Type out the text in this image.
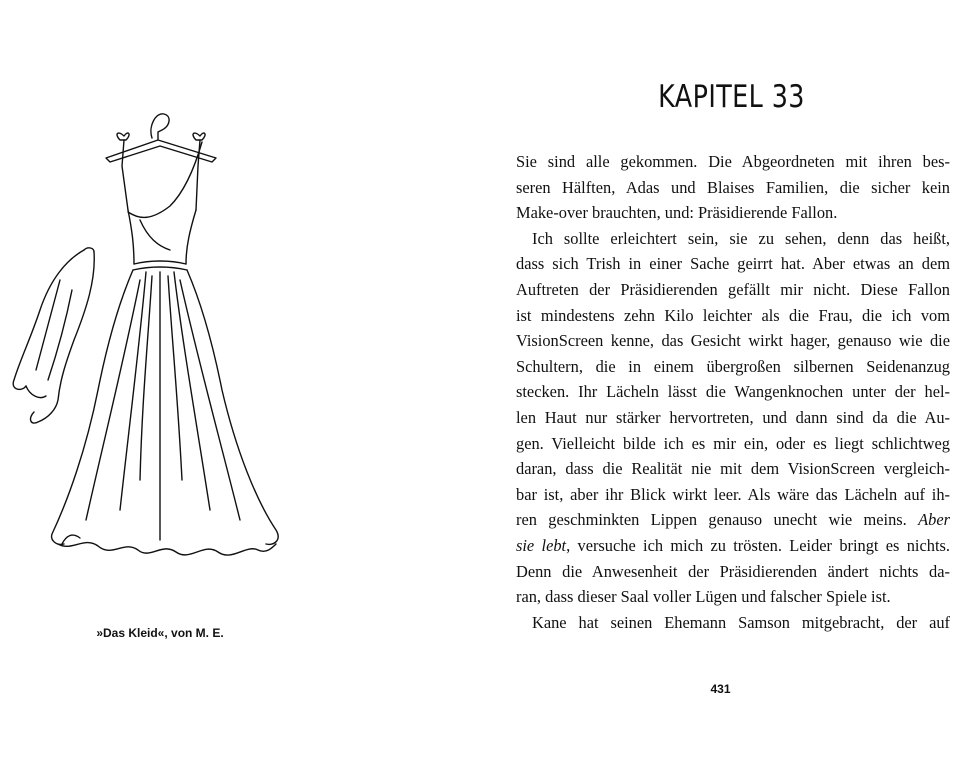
»Das Kleid«, von M. E.
KAPITEL 33

Sie sind alle gekommen. Die Abgeordneten mit ihren bes-
seren Hälften, Adas und Blaises Familien, die sicher kein
Make-over brauchten, und: Präsidierende Fallon.

Ich sollte erleichtert sein, sie zu sehen, denn das heißt,
dass sich Trish in einer Sache geirrt hat. Aber etwas an dem
Auftreten der Präsidierenden gefällt mir nicht. Diese Fallon
ist mindestens zehn Kilo leichter als die Frau, die ich vom
VisionScreen kenne, das Gesicht wirkt hager, genauso wie die
Schultern, die in einem übergroßen silbernen Seidenanzug
stecken. Ihr Lächeln lässt die Wangenknochen unter der hel-
len Haut nur stärker hervortreten, und dann sind da die Au-
gen. Vielleicht bilde ich es mir ein, oder es liegt schlichtweg
daran, dass die Realität nie mit dem VisionScreen vergleich-
bar ist, aber ihr Blick wirkt leer. Als wäre das Lächeln auf ih-
ren geschminkten Lippen genauso unecht wie meins. Aber
sie lebt, versuche ich mich zu trösten. Leider bringt es nichts.
Denn die Anwesenheit der Präsidierenden ändert nichts da-
ran, dass dieser Saal voller Lügen und falscher Spiele ist.

Kane hat seinen Ehemann Samson mitgebracht, der auf

431
